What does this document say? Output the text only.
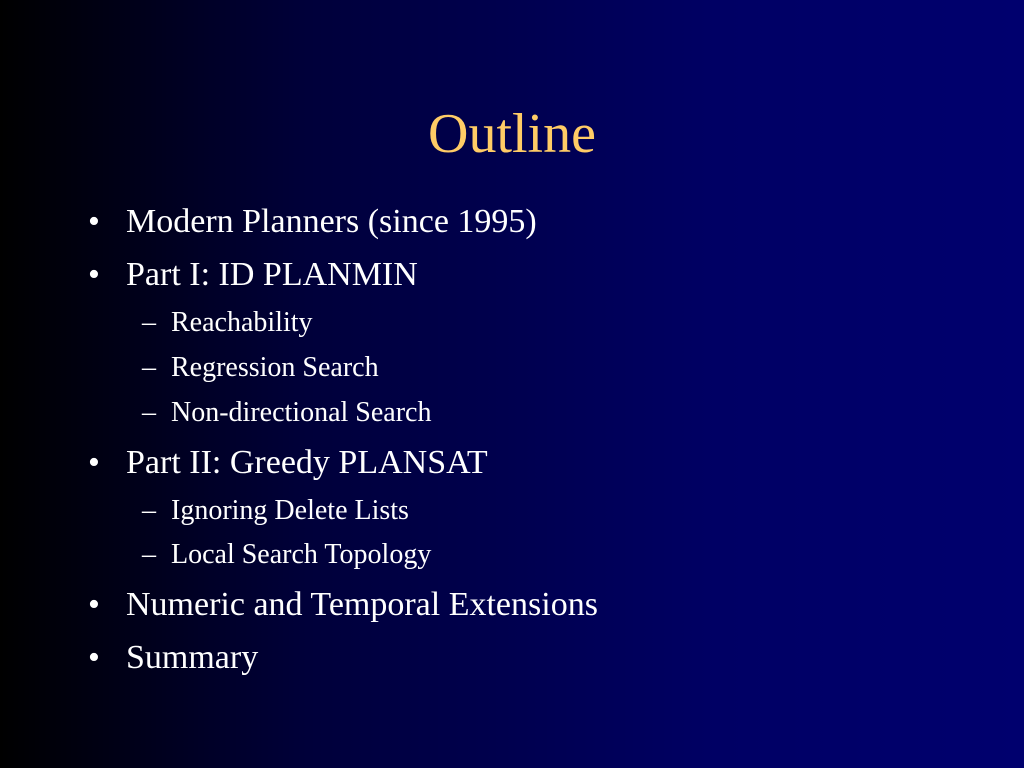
Outline
• Modern Planners (since 1995)
• Part I: ID PLANMIN
– Reachability
– Regression Search
– Non-directional Search
• Part II: Greedy PLANSAT
– Ignoring Delete Lists
– Local Search Topology
• Numeric and Temporal Extensions
• Summary
